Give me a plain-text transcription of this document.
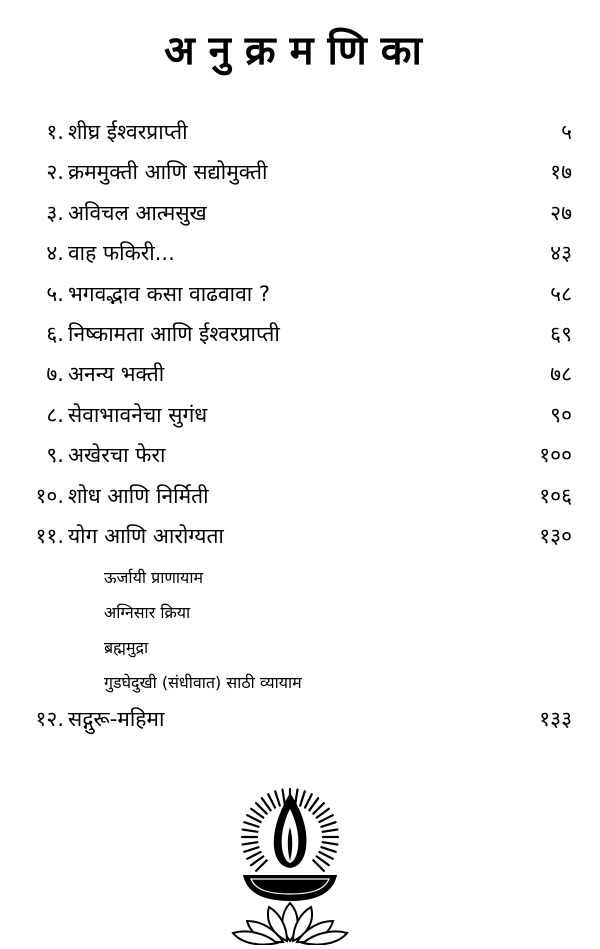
अनुक्रमणिका
१. शीघ्र ईश्वरप्राप्ती	५
२. क्रममुक्ती आणि सद्योमुक्ती	१७
३. अविचल आत्मसुख	२७
४. वाह फकिरी...	४३
५. भगवद्भाव कसा वाढवावा ?	५८
६. निष्कामता आणि ईश्वरप्राप्ती	६९
७. अनन्य भक्ती	७८
८. सेवाभावनेचा सुगंध	९०
९. अखेरचा फेरा	१००
१०. शोध आणि निर्मिती	१०६
११. योग आणि आरोग्यता	१३०
ऊर्जायी प्राणायाम
अग्निसार क्रिया
ब्रह्ममुद्रा
गुडघेदुखी (संधीवात) साठी व्यायाम
१२. सद्गुरू-महिमा	१३३
